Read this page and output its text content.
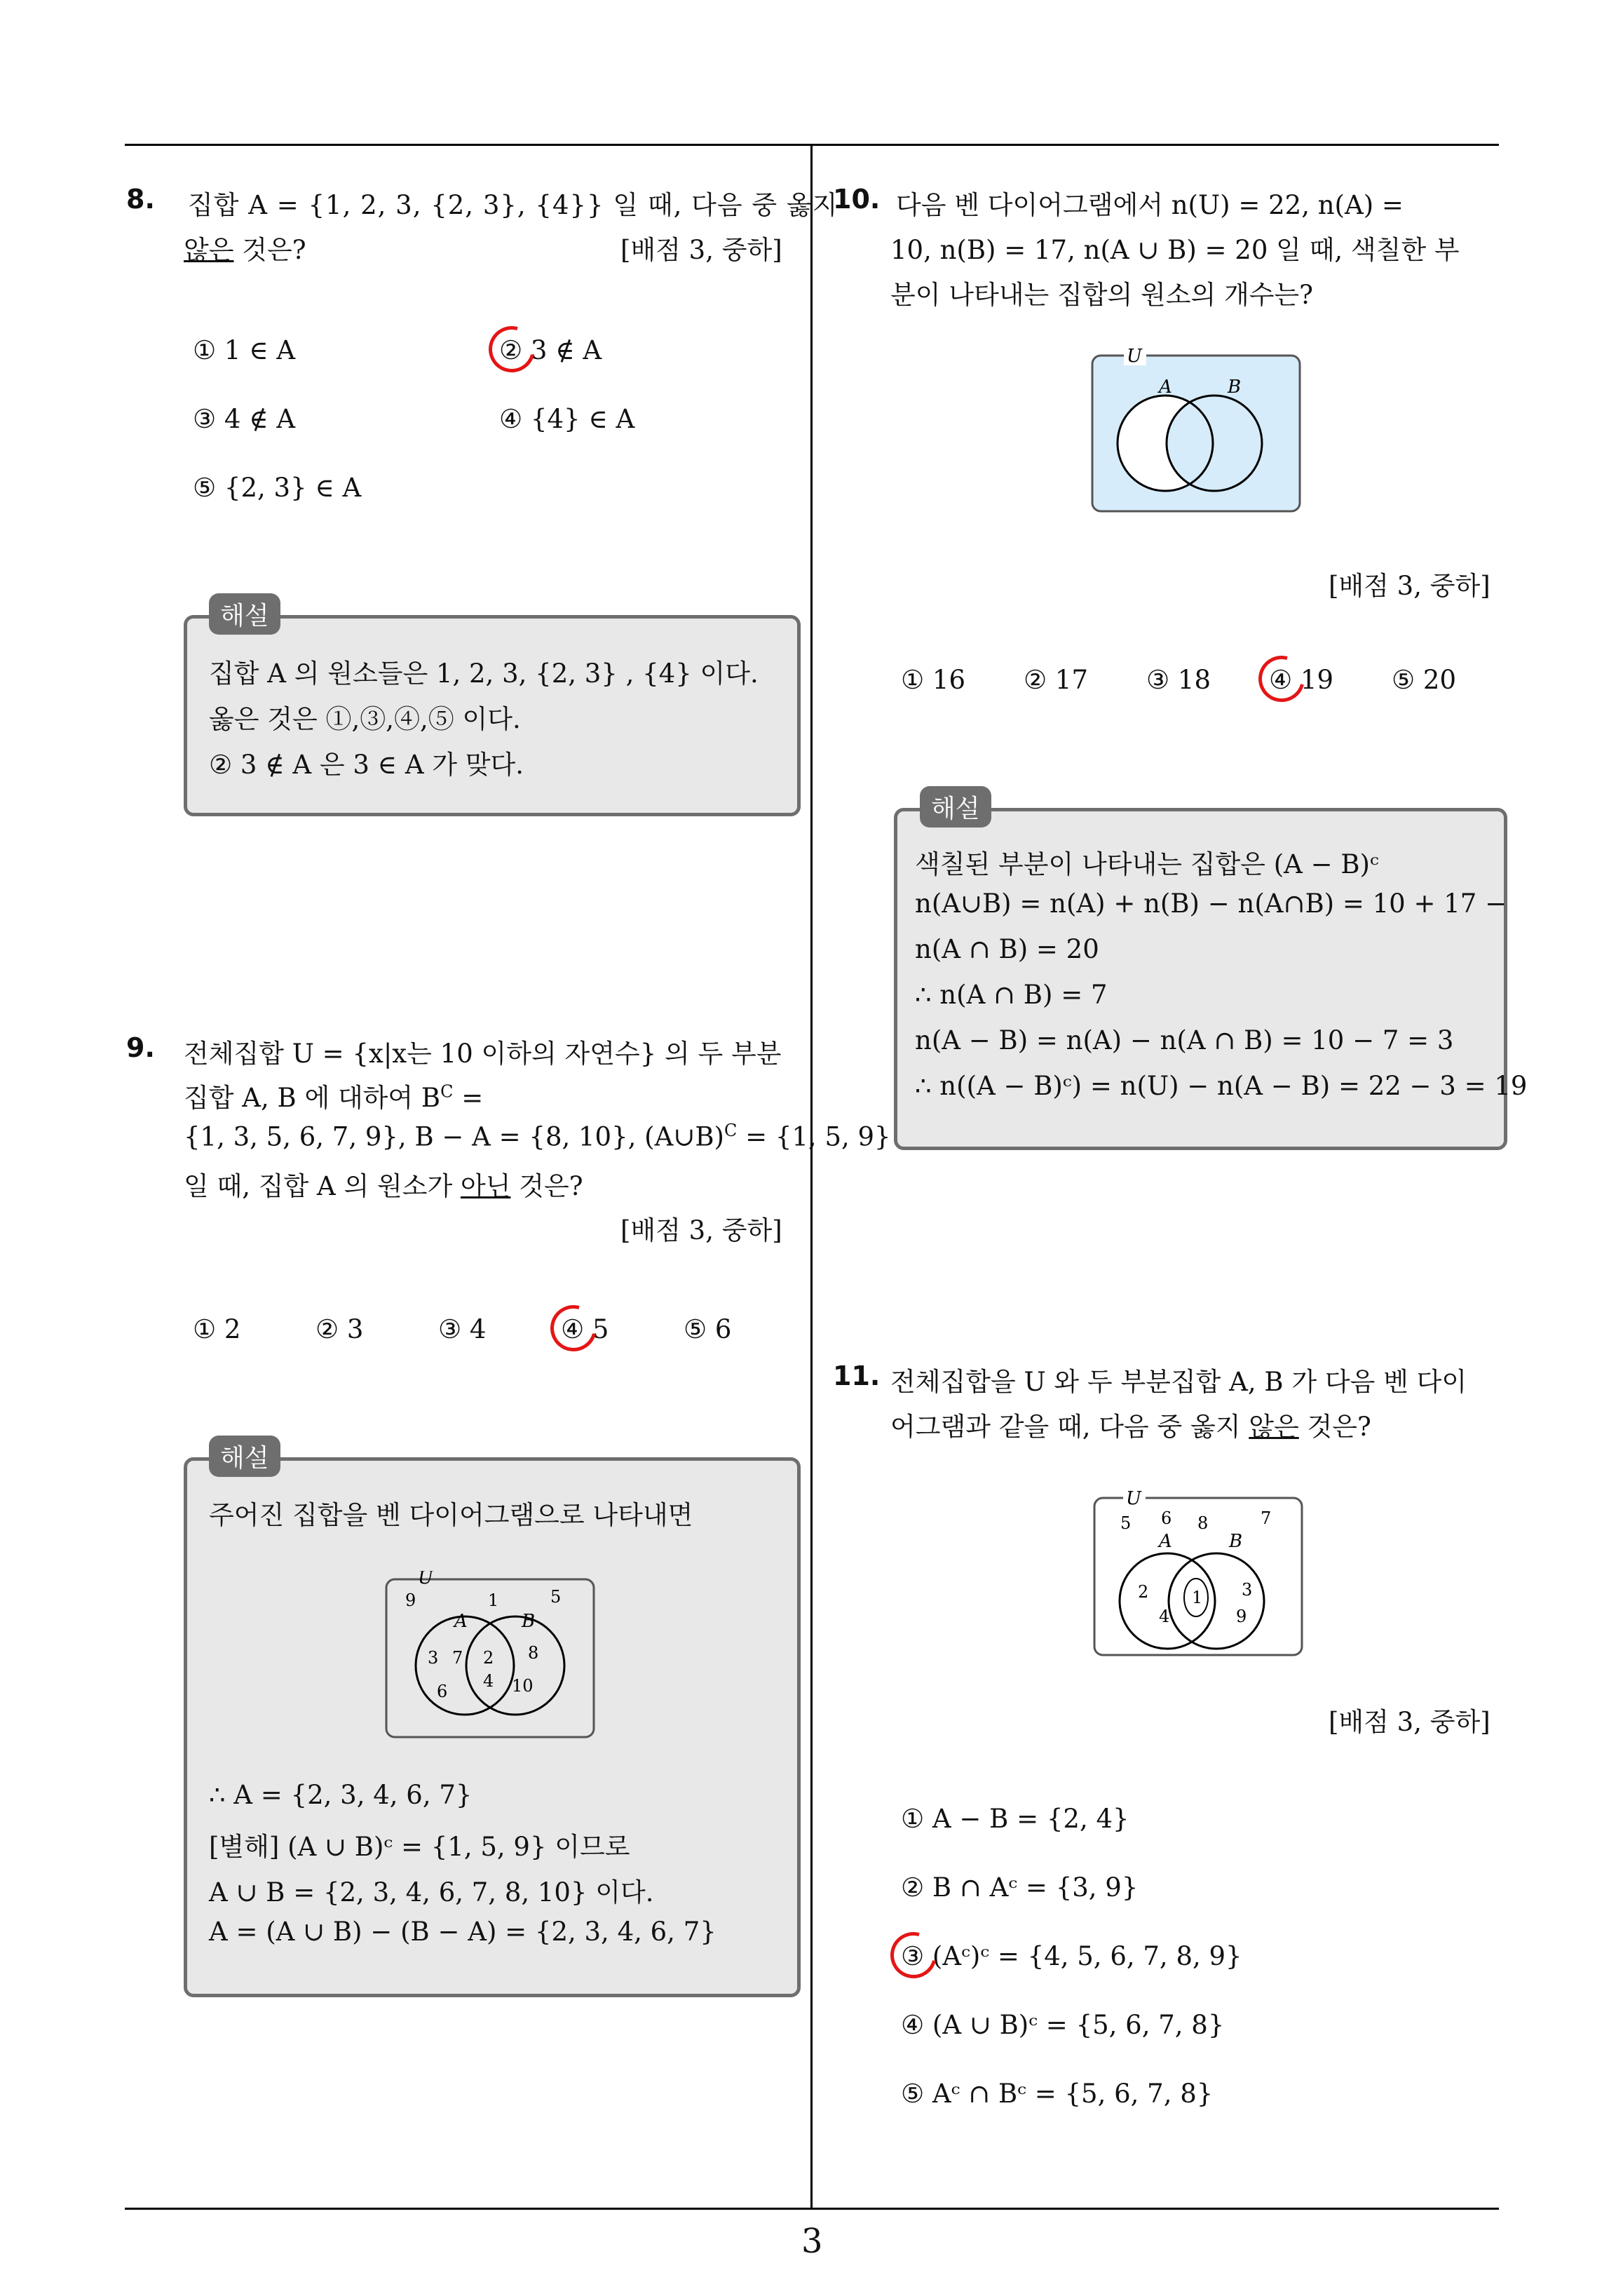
8. 집합 A = {1, 2, 3, {2, 3}, {4}} 일 때, 다음 중 옳지
않은 것은?	[배점 3, 중하]
① 1 ∈ A	② 3 ∉ A
③ 4 ∉ A	④ {4} ∈ A
⑤ {2, 3} ∈ A
해설
집합 A 의 원소들은 1, 2, 3, {2, 3} , {4} 이다.
옳은 것은 ①,③,④,⑤ 이다.
② 3 ∉ A 은 3 ∈ A 가 맞다.
9. 전체집합 U = {x|x는 10 이하의 자연수} 의 두 부분
집합 A, B 에 대하여 $B^C$ =
{1, 3, 5, 6, 7, 9}, B − A = {8, 10}, (A∪B)$^C$ = {1, 5, 9}
일 때, 집합 A 의 원소가 아닌 것은?
[배점 3, 중하]
① 2	② 3	③ 4	④ 5	⑤ 6
해설
주어진 집합을 벤 다이어그램으로 나타내면
U
A	B
9	1	5
3 7
6
2
4
8
10
∴ A = {2, 3, 4, 6, 7}
[별해] (A ∪ B)ᶜ = {1, 5, 9} 이므로
A ∪ B = {2, 3, 4, 6, 7, 8, 10} 이다.
A = (A ∪ B) − (B − A) = {2, 3, 4, 6, 7}
10. 다음 벤 다이어그램에서 n(U) = 22, n(A) =
10, n(B) = 17, n(A ∪ B) = 20 일 때, 색칠한 부
분이 나타내는 집합의 원소의 개수는?
U
A	B
[배점 3, 중하]
① 16 ② 17 ③ 18 ④ 19 ⑤ 20
해설
색칠된 부분이 나타내는 집합은 (A − B)ᶜ
n(A∪B) = n(A) + n(B) − n(A∩B) = 10 + 17 −
n(A ∩ B) = 20
∴ n(A ∩ B) = 7
n(A − B) = n(A) − n(A ∩ B) = 10 − 7 = 3
∴ n((A − B)ᶜ) = n(U) − n(A − B) = 22 − 3 = 19
11. 전체집합을 U 와 두 부분집합 A, B 가 다음 벤 다이
어그램과 같을 때, 다음 중 옳지 않은 것은?
U
A	B
5 6 8	7
2
4
1 3
9
[배점 3, 중하]
① A − B = {2, 4}
② B ∩ Aᶜ = {3, 9}
③ (Aᶜ)ᶜ = {4, 5, 6, 7, 8, 9}
④ (A ∪ B)ᶜ = {5, 6, 7, 8}
⑤ Aᶜ ∩ Bᶜ = {5, 6, 7, 8}
3
